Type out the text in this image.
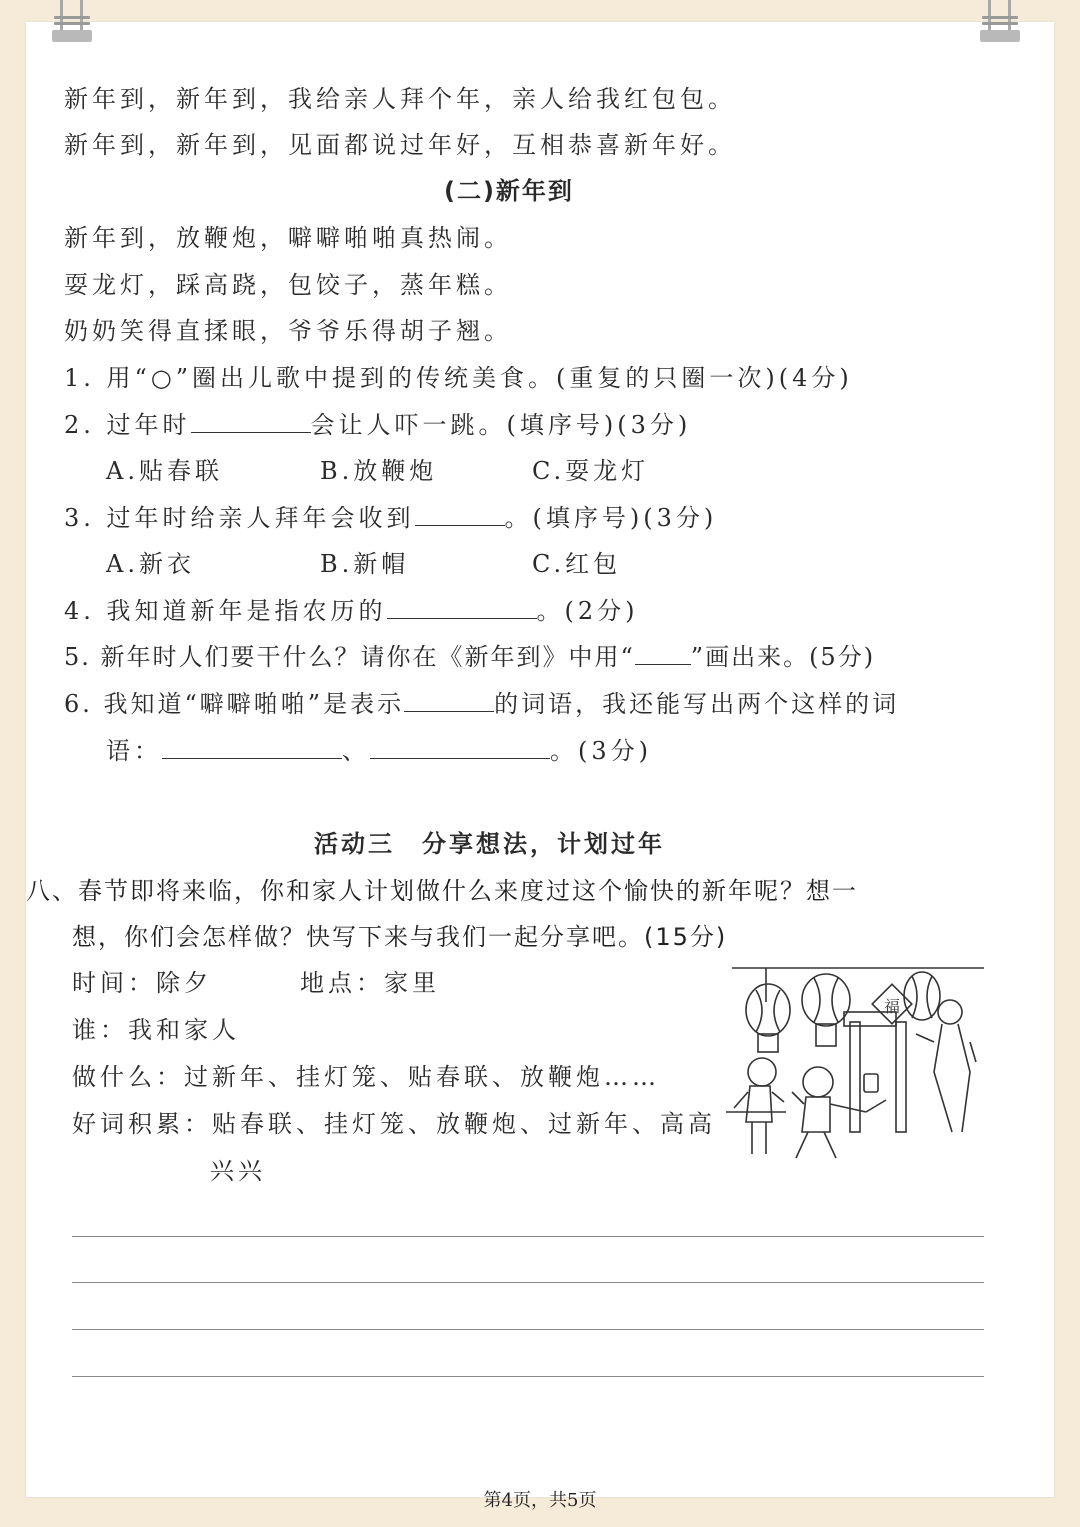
新年到，新年到，我给亲人拜个年，亲人给我红包包。
新年到，新年到，见面都说过年好，互相恭喜新年好。
(二)新年到
新年到，放鞭炮，噼噼啪啪真热闹。
耍龙灯，踩高跷，包饺子，蒸年糕。
奶奶笑得直揉眼，爷爷乐得胡子翘。
1. 用“○”圈出儿歌中提到的传统美食。(重复的只圈一次)(4分)
2. 过年时	会让人吓一跳。(填序号)(3分)
A.贴春联	B.放鞭炮	C.耍龙灯
3. 过年时给亲人拜年会收到	。(填序号)(3分)
A.新衣	B.新帽	C.红包
4. 我知道新年是指农历的	。(2分)
5. 新年时人们要干什么？请你在《新年到》中用“ ”画出来。(5分)
6. 我知道“噼噼啪啪”是表示	的词语，我还能写出两个这样的词
语：	、	。(3分)
活动三　分享想法，计划过年
八、春节即将来临，你和家人计划做什么来度过这个愉快的新年呢？想一
想，你们会怎样做？快写下来与我们一起分享吧。(15分)
时间：除夕	地点：家里
谁：我和家人
做什么：过新年、挂灯笼、贴春联、放鞭炮……
好词积累：贴春联、挂灯笼、放鞭炮、过新年、高高
兴兴
福
第4页，共5页
